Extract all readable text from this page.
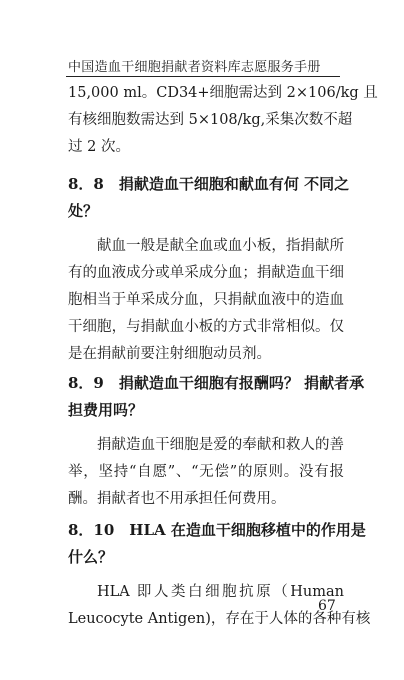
中国造血干细胞捐献者资料库志愿服务手册

15,000 ml。CD34+细胞需达到 2×106/kg 且
有核细胞数需达到 5×108/kg,采集次数不超
过 2 次。

8．8　捐献造血干细胞和献血有何 不同之
处？

献血一般是献全血或血小板，指捐献所
有的血液成分或单采成分血；捐献造血干细
胞相当于单采成分血，只捐献血液中的造血
干细胞，与捐献血小板的方式非常相似。仅
是在捐献前要注射细胞动员剂。

8．9　捐献造血干细胞有报酬吗？ 捐献者承
担费用吗？

捐献造血干细胞是爱的奉献和救人的善
举，坚持“自愿”、“无偿”的原则。没有报
酬。捐献者也不用承担任何费用。

8．10　HLA 在造血干细胞移植中的作用是
什么？

HLA 即人类白细胞抗原（Human
Leucocyte Antigen)，存在于人体的各种有核

67
